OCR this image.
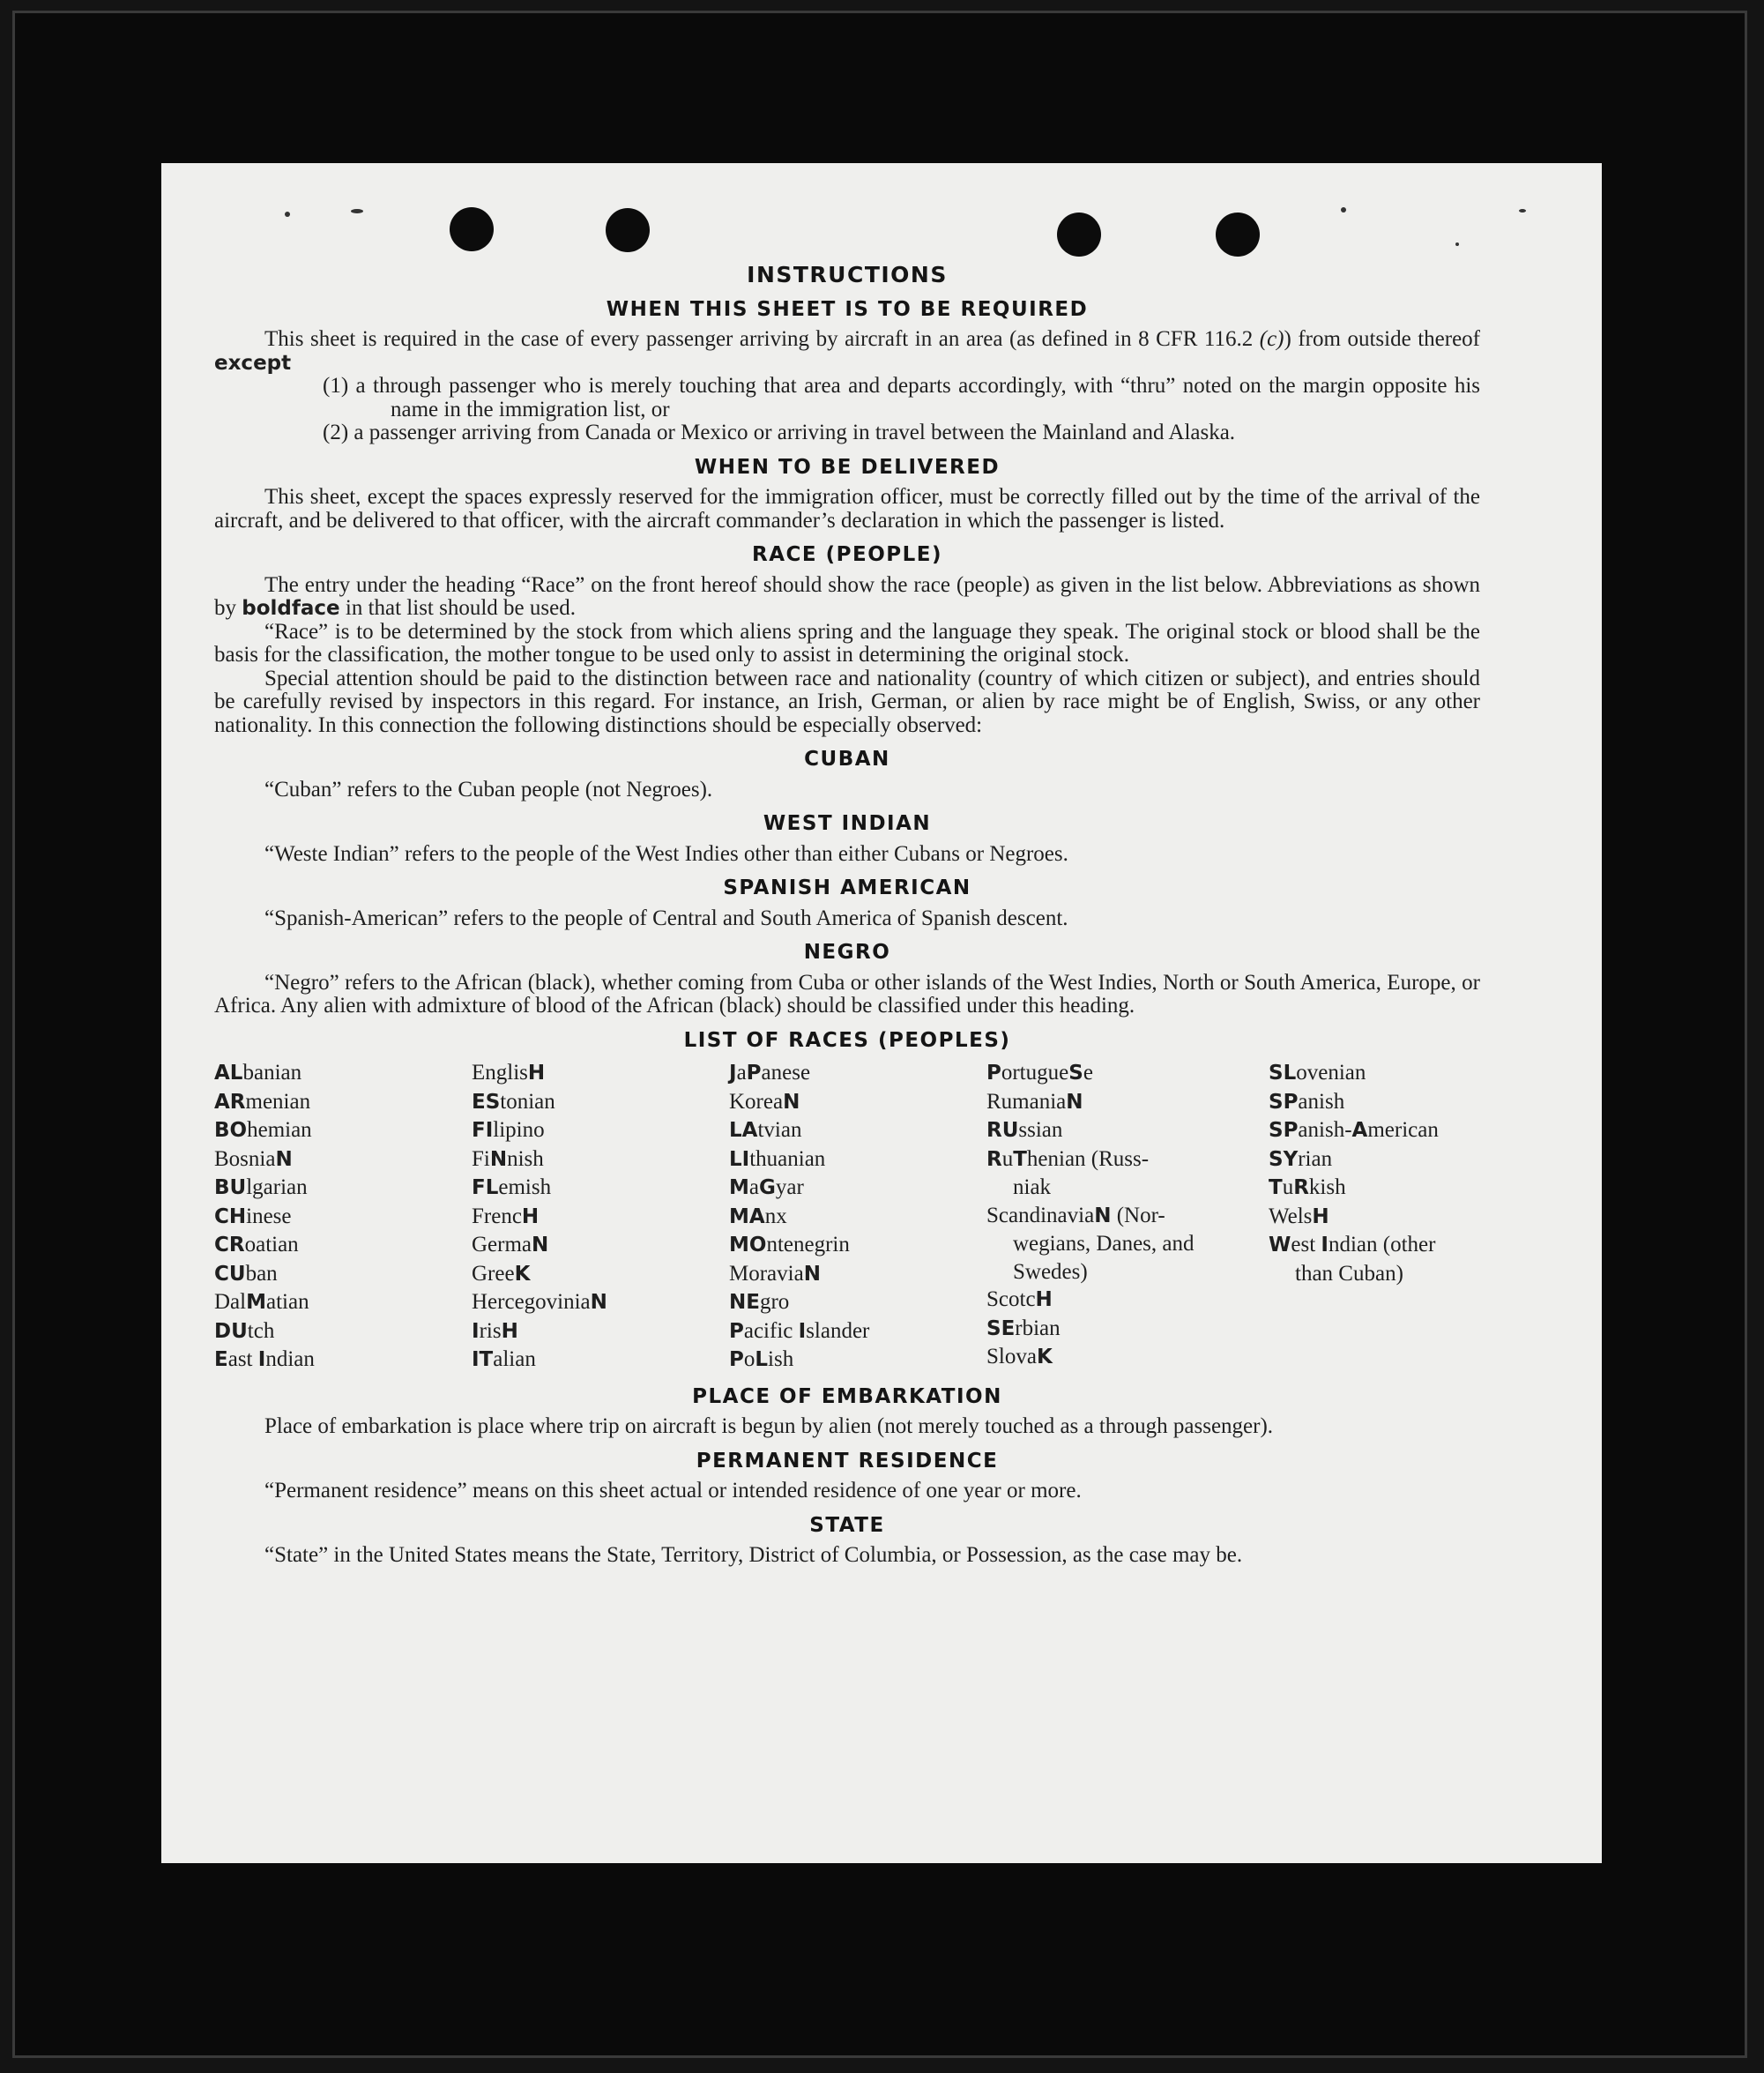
INSTRUCTIONS
WHEN THIS SHEET IS TO BE REQUIRED

This sheet is required in the case of every passenger arriving by aircraft in an area (as defined in 8 CFR 116.2 (c)) from outside thereof except

(1) a through passenger who is merely touching that area and departs accordingly, with “thru” noted on the margin opposite his name in the immigration list, or
(2) a passenger arriving from Canada or Mexico or arriving in travel between the Mainland and Alaska.
WHEN TO BE DELIVERED

This sheet, except the spaces expressly reserved for the immigration officer, must be correctly filled out by the time of the arrival of the aircraft, and be delivered to that officer, with the aircraft commander’s declaration in which the passenger is listed.

RACE (PEOPLE)

The entry under the heading “Race” on the front hereof should show the race (people) as given in the list below. Abbreviations as shown by boldface in that list should be used.

“Race” is to be determined by the stock from which aliens spring and the language they speak. The original stock or blood shall be the basis for the classification, the mother tongue to be used only to assist in determining the original stock.

Special attention should be paid to the distinction between race and nationality (country of which citizen or subject), and entries should be carefully revised by inspectors in this regard. For instance, an Irish, German, or alien by race might be of English, Swiss, or any other nationality. In this connection the following distinctions should be especially observed:

CUBAN

“Cuban” refers to the Cuban people (not Negroes).

WEST INDIAN

“Weste Indian” refers to the people of the West Indies other than either Cubans or Negroes.

SPANISH AMERICAN

“Spanish-American” refers to the people of Central and South America of Spanish descent.

NEGRO

“Negro” refers to the African (black), whether coming from Cuba or other islands of the West Indies, North or South America, Europe, or Africa. Any alien with admixture of blood of the African (black) should be classified under this heading.

LIST OF RACES (PEOPLES)
ALbanian
ARmenian
BOhemian
BosniaN
BUlgarian
CHinese
CRoatian
CUban
DalMatian
DUtch
East Indian
EnglisH
EStonian
FIlipino
FiNnish
FLemish
FrencH
GermaN
GreeK
HercegoviniaN
IrisH
ITalian
JaPanese
KoreaN
LAtvian
LIthuanian
MaGyar
MAnx
MOntenegrin
MoraviaN
NEgro
Pacific Islander
PoLish
PortugueSe
RumaniaN
RUssian
RuThenian (Russ-
niak
ScandinaviaN (Nor-
wegians, Danes, and Swedes)
ScotcH
SErbian
SlovaK
SLovenian
SPanish
SPanish-American
SYrian
TuRkish
WelsH
West Indian (other
than Cuban)
PLACE OF EMBARKATION

Place of embarkation is place where trip on aircraft is begun by alien (not merely touched as a through passenger).

PERMANENT RESIDENCE

“Permanent residence” means on this sheet actual or intended residence of one year or more.

STATE

“State” in the United States means the State, Territory, District of Columbia, or Possession, as the case may be.
